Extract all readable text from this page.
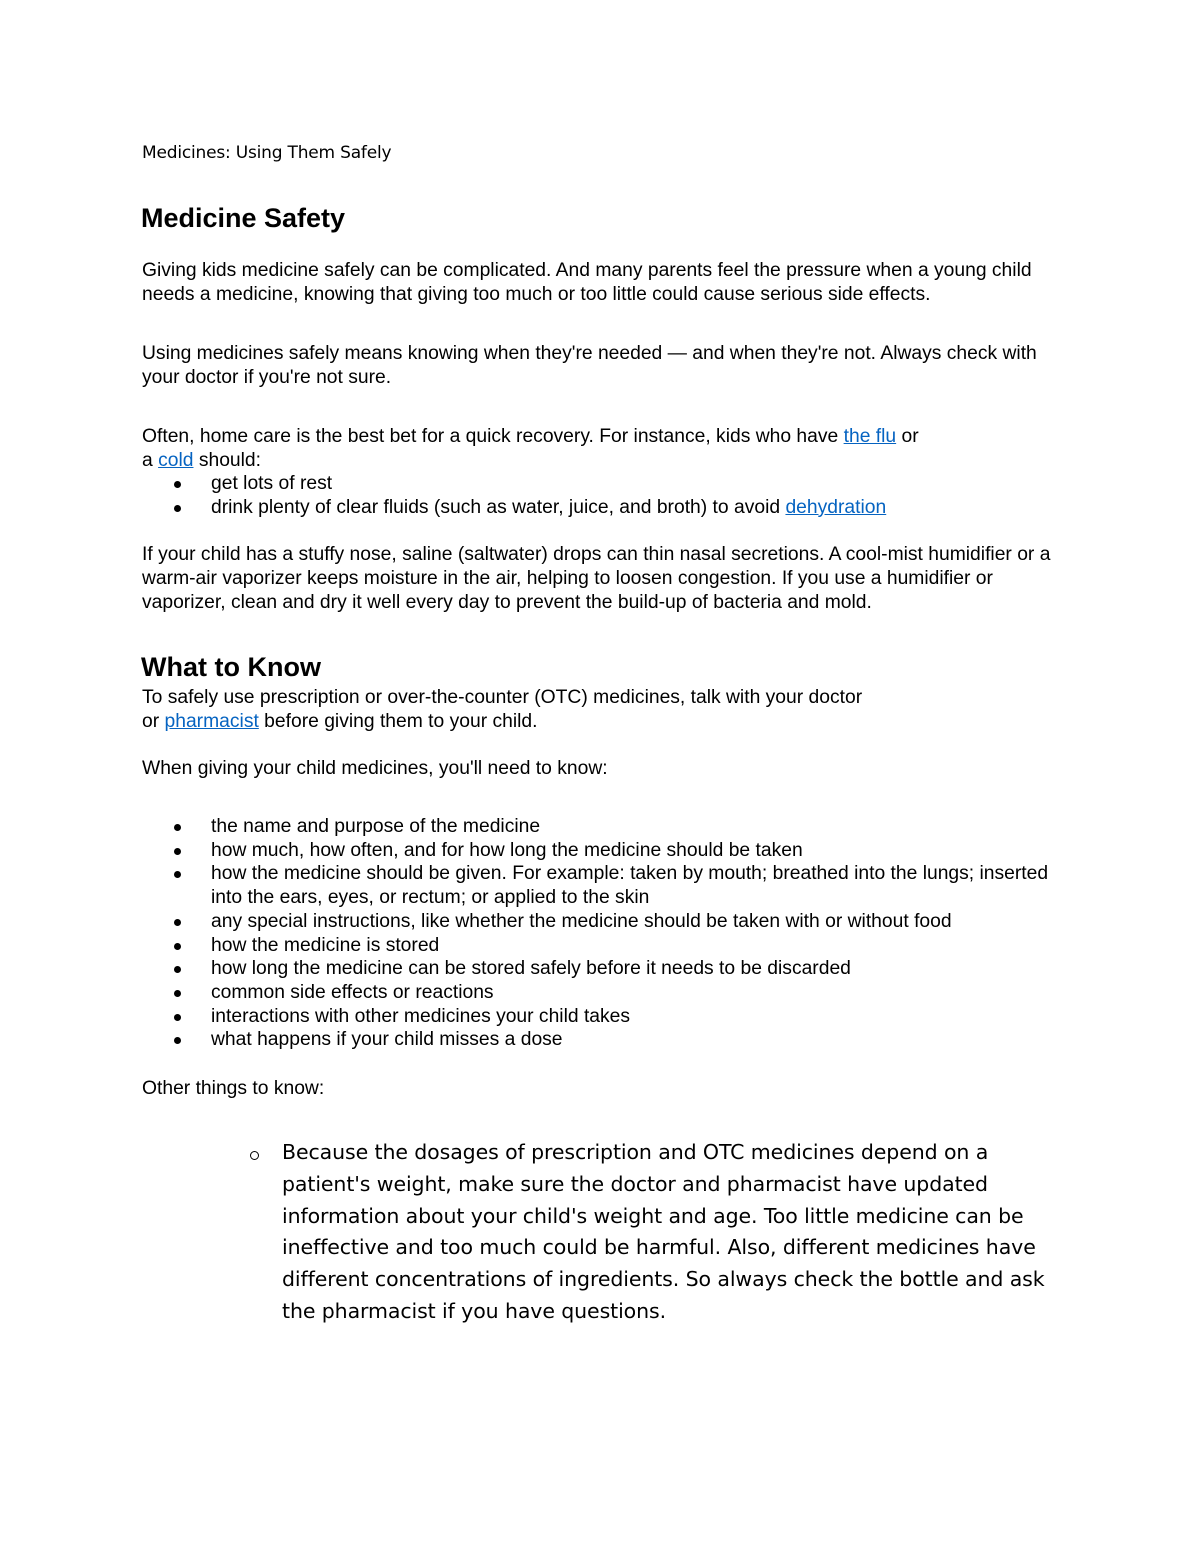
Medicines: Using Them Safely
Medicine Safety

Giving kids medicine safely can be complicated. And many parents feel the pressure when a young child needs a medicine, knowing that giving too much or too little could cause serious side effects.

Using medicines safely means knowing when they're needed — and when they're not. Always check with your doctor if you're not sure.

Often, home care is the best bet for a quick recovery. For instance, kids who have the flu or
a cold should:

get lots of rest
drink plenty of clear fluids (such as water, juice, and broth) to avoid dehydration

If your child has a stuffy nose, saline (saltwater) drops can thin nasal secretions. A cool-mist humidifier or a warm-air vaporizer keeps moisture in the air, helping to loosen congestion. If you use a humidifier or vaporizer, clean and dry it well every day to prevent the build-up of bacteria and mold.

What to Know

To safely use prescription or over-the-counter (OTC) medicines, talk with your doctor
or pharmacist before giving them to your child.

When giving your child medicines, you'll need to know:

the name and purpose of the medicine
how much, how often, and for how long the medicine should be taken
how the medicine should be given. For example: taken by mouth; breathed into the lungs; inserted into the ears, eyes, or rectum; or applied to the skin
any special instructions, like whether the medicine should be taken with or without food
how the medicine is stored
how long the medicine can be stored safely before it needs to be discarded
common side effects or reactions
interactions with other medicines your child takes
what happens if your child misses a dose

Other things to know:

Because the dosages of prescription and OTC medicines depend on a patient's weight, make sure the doctor and pharmacist have updated information about your child's weight and age. Too little medicine can be ineffective and too much could be harmful. Also, different medicines have different concentrations of ingredients. So always check the bottle and ask the pharmacist if you have questions.
